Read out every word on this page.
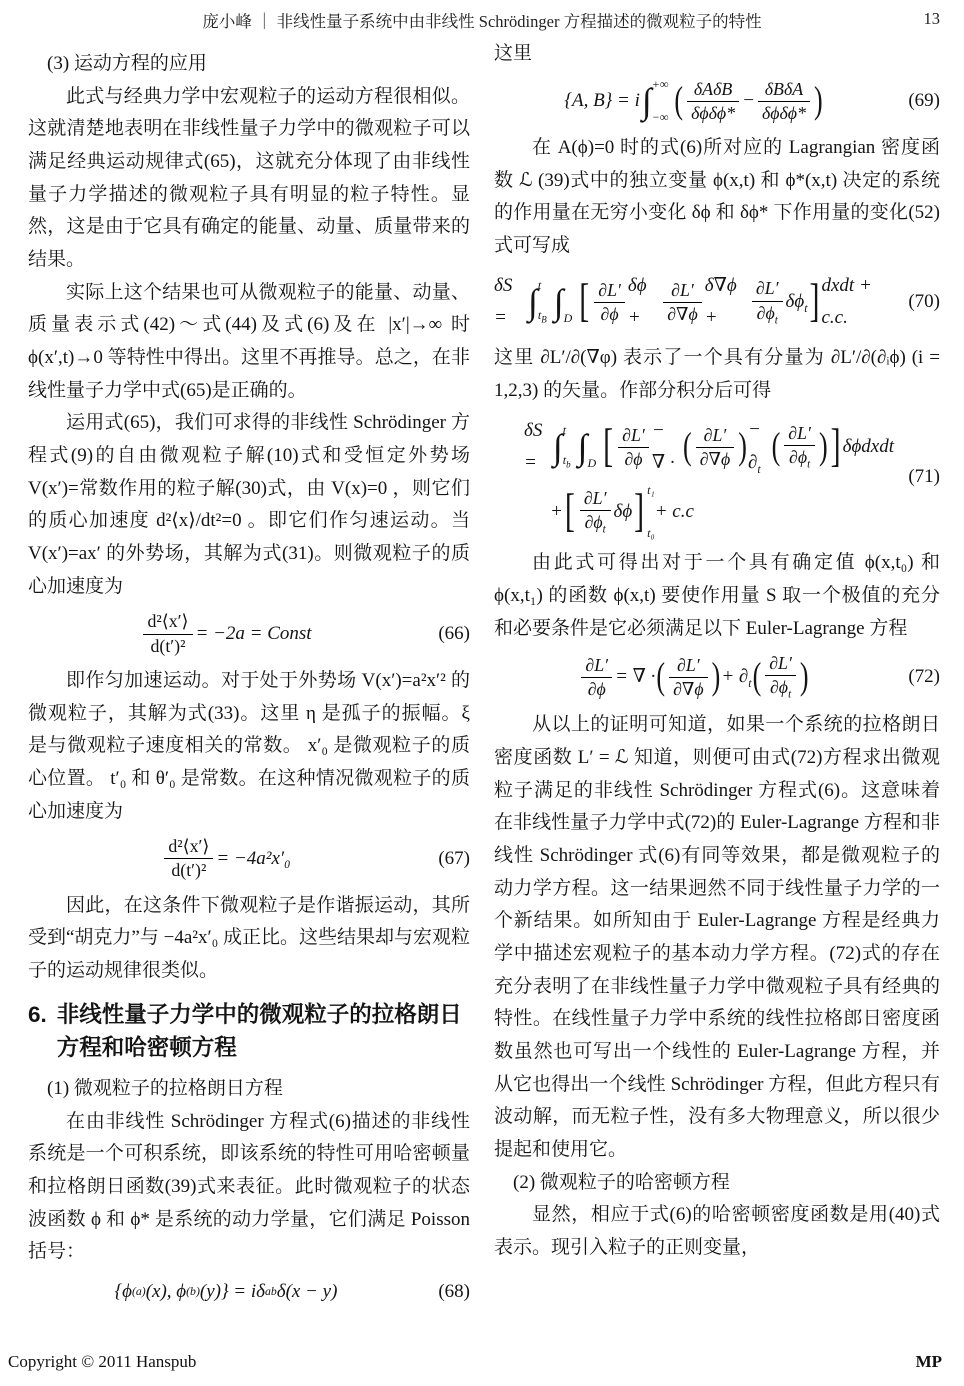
庞小峰 ｜ 非线性量子系统中由非线性 Schrödinger 方程描述的微观粒子的特性	13

(3) 运动方程的应用

此式与经典力学中宏观粒子的运动方程很相似。这就清楚地表明在非线性量子力学中的微观粒子可以满足经典运动规律式(65)，这就充分体现了由非线性量子力学描述的微观粒子具有明显的粒子特性。显然，这是由于它具有确定的能量、动量、质量带来的结果。

实际上这个结果也可从微观粒子的能量、动量、质量表示式(42)～式(44)及式(6)及在 |x′|→∞ 时 ϕ(x′,t)→0 等特性中得出。这里不再推导。总之，在非线性量子力学中式(65)是正确的。

运用式(65)，我们可求得的非线性 Schrödinger 方程式(9)的自由微观粒子解(10)式和受恒定外势场 V(x′)=常数作用的粒子解(30)式，由 V(x)=0 ，则它们的质心加速度 d²⟨x⟩/dt²=0 。即它们作匀速运动。当 V(x′)=ax′ 的外势场，其解为式(31)。则微观粒子的质心加速度为

$\frac{\text{d²⟨x′⟩}}{\text{d(t′)²}} = -2a$ = Const	(66)

即作匀加速运动。对于处于外势场 V(x′)=a²x′² 的微观粒子，其解为式(33)。这里 η 是孤子的振幅。ξ 是与微观粒子速度相关的常数。 x′₀ 是微观粒子的质心位置。 t′₀ 和 θ′₀ 是常数。在这种情况微观粒子的质心加速度为

$\frac{\text{d²⟨x′⟩}}{\text{d(t′)²}} = -4a^2x'_0$	(67)

因此，在这条件下微观粒子是作谐振运动，其所受到“胡克力”与 −4a²x′₀ 成正比。这些结果却与宏观粒子的运动规律很类似。

6. 非线性量子力学中的微观粒子的拉格朗日方程和哈密顿方程

(1) 微观粒子的拉格朗日方程

在由非线性 Schrödinger 方程式(6)描述的非线性系统是一个可积系统，即该系统的特性可用哈密顿量和拉格朗日函数(39)式来表征。此时微观粒子的状态波函数 ϕ 和 ϕ* 是系统的动力学量，它们满足 Poisson 括号：

{ϕ (a) (x), ϕ (b) (y)} = iδ ab δ(x − y)	(68)

这里

{A, B} = i ∫ +∞
−∞ ( $\frac{\text{δAδB}}{\text{δϕδϕ*}} - \frac{\text{δBδA}}{\text{δϕδϕ*}}$ )	(69)

在 A(ϕ)=0 时的式(6)所对应的 Lagrangian 密度函数 ℒ (39)式中的独立变量 ϕ(x,t) 和 ϕ*(x,t) 决定的系统的作用量在无穷小变化 δϕ 和 δϕ* 下作用量的变化(52)式可写成

δS = ∫ t
$t_B$ ∫ D [ $\frac{\partial L'}{\partial\phi}$ δϕ +	$\frac{\partial L'}{\partial\nabla\phi} \delta\nabla\phi$ +	$\frac{\partial L'}{\partial\phi_t} \delta\phi_t$ ] dxdt + c.c.
(70)

这里 ∂L′/∂(∇φ) 表示了一个具有分量为 ∂L′/∂(∂ᵢϕ) (i = 1,2,3) 的矢量。作部分积分后可得

δS = ∫ t
$t_b$ ∫ D [ $\frac{\partial L'}{\partial\phi}$ − ∇ · ( $\frac{\partial L'}{\partial\nabla\phi}$ ) − $\partial_t$
( $\frac{\partial L'}{\partial\phi_t}$ ) ] δϕdxdt
+ [ $\frac{\partial L'}{\partial\phi_t}$ δϕ ] t₁
t₀
+ c.c
(71)

由此式可得出对于一个具有确定值 ϕ(x,t₀) 和 ϕ(x,t₁) 的函数 ϕ(x,t) 要使作用量 S 取一个极值的充分和必要条件是它必须满足以下 Euler-Lagrange 方程

$\frac{\partial L'}{\partial\phi}$ = ∇ · ( $\frac{\partial L'}{\partial\nabla\phi}$ ) + $\partial_t$ ( $\frac{\partial L'}{\partial\phi_t}$ )	(72)

从以上的证明可知道，如果一个系统的拉格朗日密度函数 L′ = ℒ 知道，则便可由式(72)方程求出微观粒子满足的非线性 Schrödinger 方程式(6)。这意味着在非线性量子力学中式(72)的 Euler-Lagrange 方程和非线性 Schrödinger 式(6)有同等效果，都是微观粒子的动力学方程。这一结果迥然不同于线性量子力学的一个新结果。如所知由于 Euler-Lagrange 方程是经典力学中描述宏观粒子的基本动力学方程。(72)式的存在充分表明了在非线性量子力学中微观粒子具有经典的特性。在线性量子力学中系统的线性拉格郎日密度函数虽然也可写出一个线性的 Euler-Lagrange 方程，并从它也得出一个线性 Schrödinger 方程，但此方程只有波动解，而无粒子性，没有多大物理意义，所以很少提起和使用它。

(2) 微观粒子的哈密顿方程

显然，相应于式(6)的哈密顿密度函数是用(40)式表示。现引入粒子的正则变量，

Copyright © 2011 Hanspub	MP
